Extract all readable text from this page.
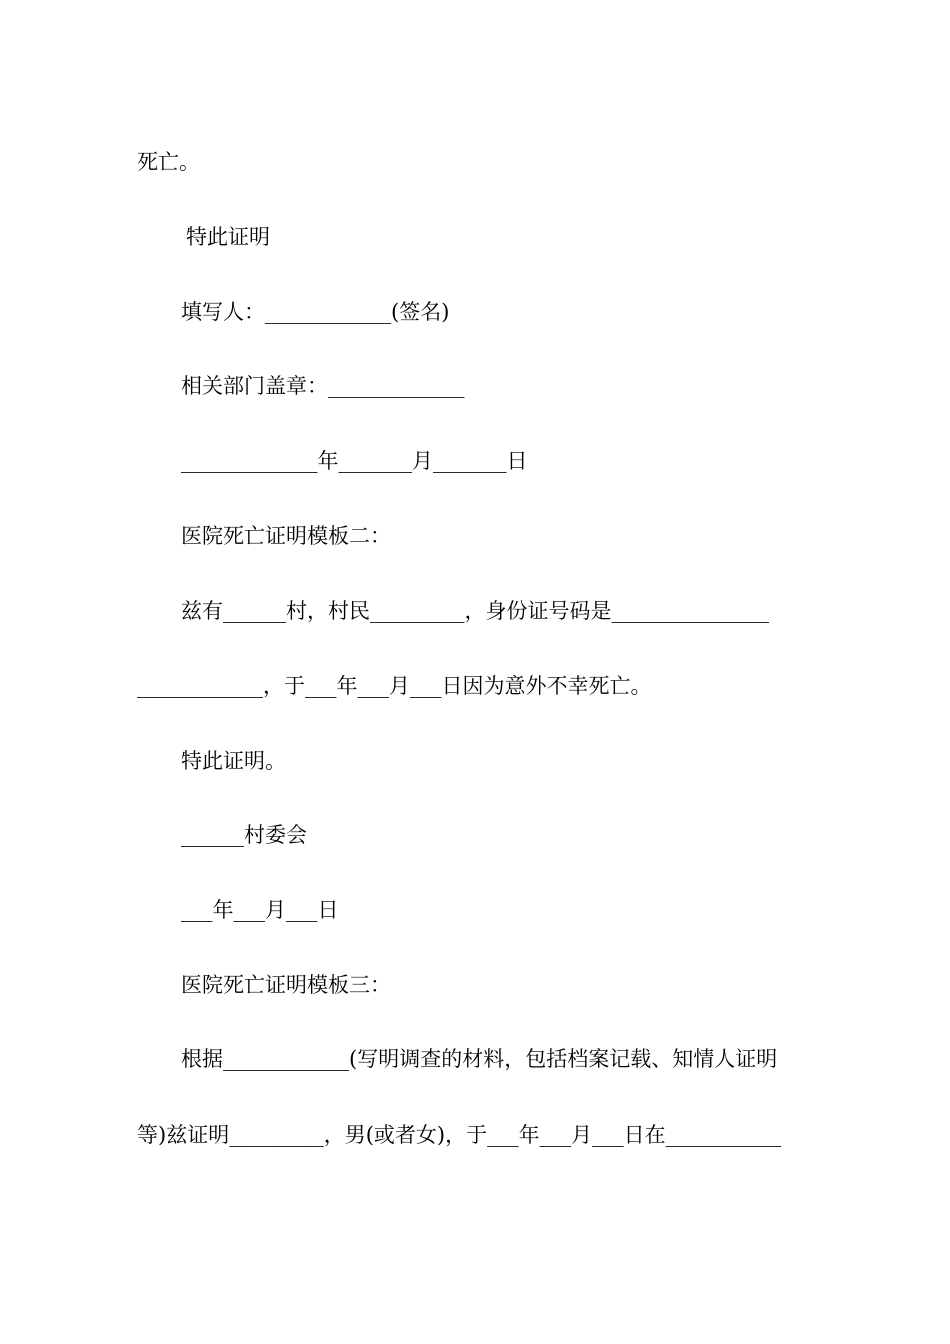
死亡。
特此证明
填写人：____________(签名)
相关部门盖章：_____________
_____________年_______月_______日
医院死亡证明模板二：
兹有______村，村民_________，身份证号码是_______________
____________，于___年___月___日因为意外不幸死亡。
特此证明。
______村委会
___年___月___日
医院死亡证明模板三：
根据____________(写明调查的材料，包括档案记载、知情人证明
等)兹证明_________，男(或者女)，于___年___月___日在___________
